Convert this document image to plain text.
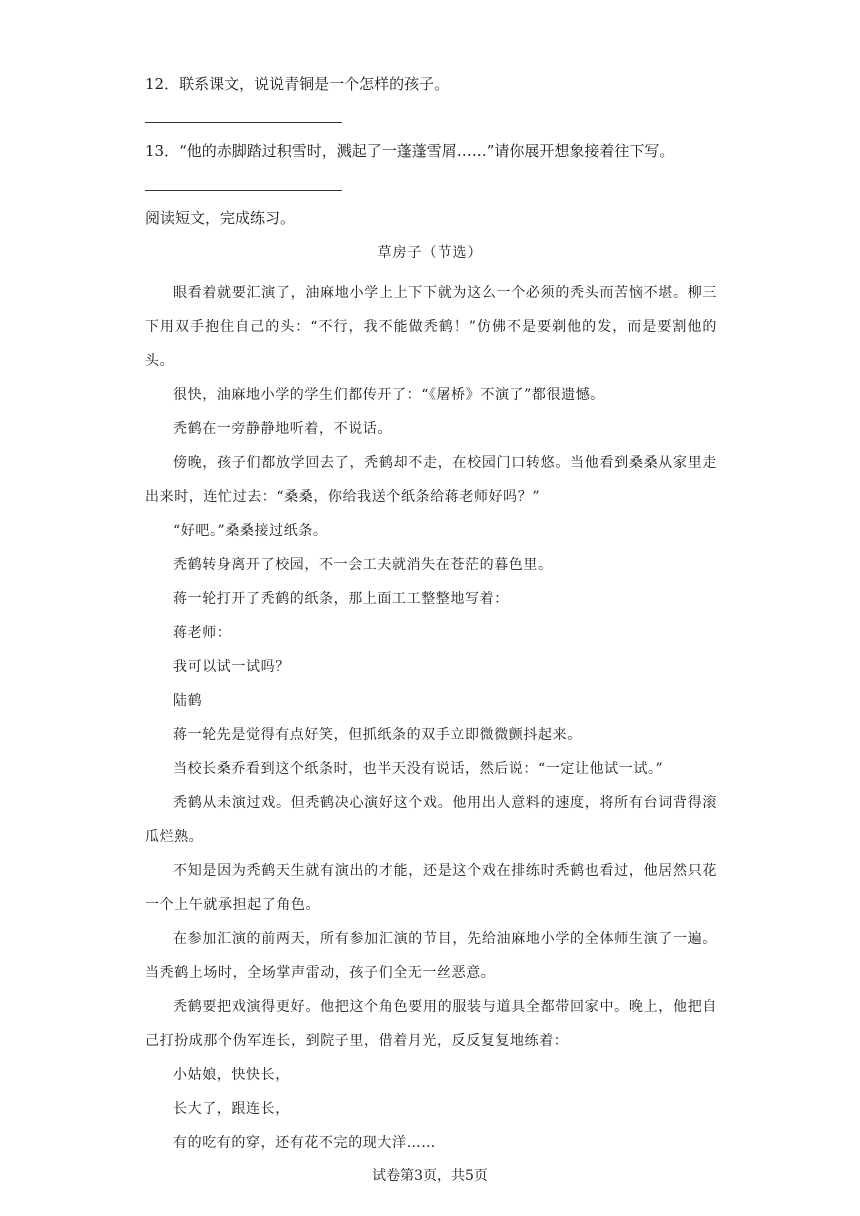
12．联系课文，说说青铜是一个怎样的孩子。
13．“他的赤脚踏过积雪时，溅起了一蓬蓬雪屑……”请你展开想象接着往下写。
阅读短文，完成练习。
草房子（节选）

眼看着就要汇演了，油麻地小学上上下下就为这么一个必须的秃头而苦恼不堪。柳三下用双手抱住自己的头：“不行，我不能做秃鹤！”仿佛不是要剃他的发，而是要割他的头。

很快，油麻地小学的学生们都传开了：“《屠桥》不演了”都很遗憾。

秃鹤在一旁静静地听着，不说话。

傍晚，孩子们都放学回去了，秃鹤却不走，在校园门口转悠。当他看到桑桑从家里走出来时，连忙过去：“桑桑，你给我送个纸条给蒋老师好吗？”

“好吧。”桑桑接过纸条。

秃鹤转身离开了校园，不一会工夫就消失在苍茫的暮色里。

蒋一轮打开了秃鹤的纸条，那上面工工整整地写着：

蒋老师：

我可以试一试吗？

陆鹤

蒋一轮先是觉得有点好笑，但抓纸条的双手立即微微颤抖起来。

当校长桑乔看到这个纸条时，也半天没有说话，然后说：“一定让他试一试。”

秃鹤从未演过戏。但秃鹤决心演好这个戏。他用出人意料的速度，将所有台词背得滚瓜烂熟。

不知是因为秃鹤天生就有演出的才能，还是这个戏在排练时秃鹤也看过，他居然只花一个上午就承担起了角色。

在参加汇演的前两天，所有参加汇演的节目，先给油麻地小学的全体师生演了一遍。当秃鹤上场时，全场掌声雷动，孩子们全无一丝恶意。

秃鹤要把戏演得更好。他把这个角色要用的服装与道具全都带回家中。晚上，他把自己打扮成那个伪军连长，到院子里，借着月光，反反复复地练着：

小姑娘，快快长，

长大了，跟连长，

有的吃有的穿，还有花不完的现大洋……

试卷第3页，共5页
